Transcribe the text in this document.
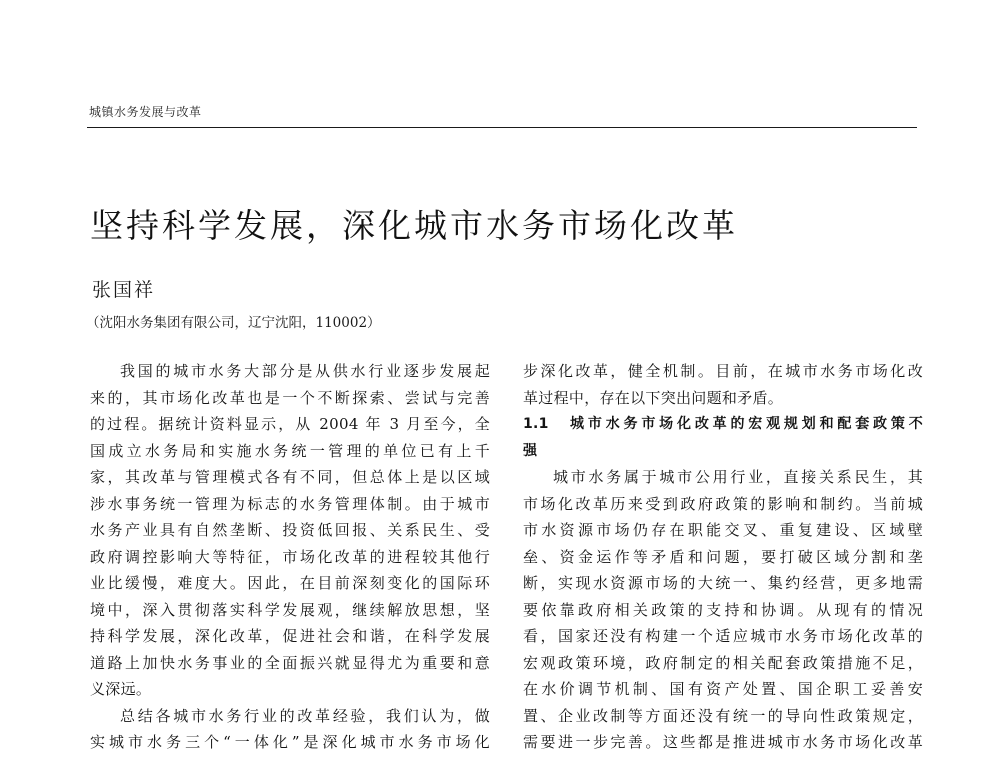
城镇水务发展与改革
坚持科学发展，深化城市水务市场化改革
张国祥
（沈阳水务集团有限公司，辽宁沈阳，110002）
我国的城市水务大部分是从供水行业逐步发展起
来的，其市场化改革也是一个不断探索、尝试与完善
的过程。据统计资料显示，从 2004 年 3 月至今，全
国成立水务局和实施水务统一管理的单位已有上千
家，其改革与管理模式各有不同，但总体上是以区域
涉水事务统一管理为标志的水务管理体制。由于城市
水务产业具有自然垄断、投资低回报、关系民生、受
政府调控影响大等特征，市场化改革的进程较其他行
业比缓慢，难度大。因此，在目前深刻变化的国际环
境中，深入贯彻落实科学发展观，继续解放思想，坚
持科学发展，深化改革，促进社会和谐，在科学发展
道路上加快水务事业的全面振兴就显得尤为重要和意
义深远。
总结各城市水务行业的改革经验，我们认为，做
实城市水务三个“一体化”是深化城市水务市场化
步深化改革，健全机制。目前，在城市水务市场化改
革过程中，存在以下突出问题和矛盾。
1.1　城市水务市场化改革的宏观规划和配套政策不
强
城市水务属于城市公用行业，直接关系民生，其
市场化改革历来受到政府政策的影响和制约。当前城
市水资源市场仍存在职能交叉、重复建设、区域壁
垒、资金运作等矛盾和问题，要打破区域分割和垄
断，实现水资源市场的大统一、集约经营，更多地需
要依靠政府相关政策的支持和协调。从现有的情况
看，国家还没有构建一个适应城市水务市场化改革的
宏观政策环境，政府制定的相关配套政策措施不足，
在水价调节机制、国有资产处置、国企职工妥善安
置、企业改制等方面还没有统一的导向性政策规定，
需要进一步完善。这些都是推进城市水务市场化改革
